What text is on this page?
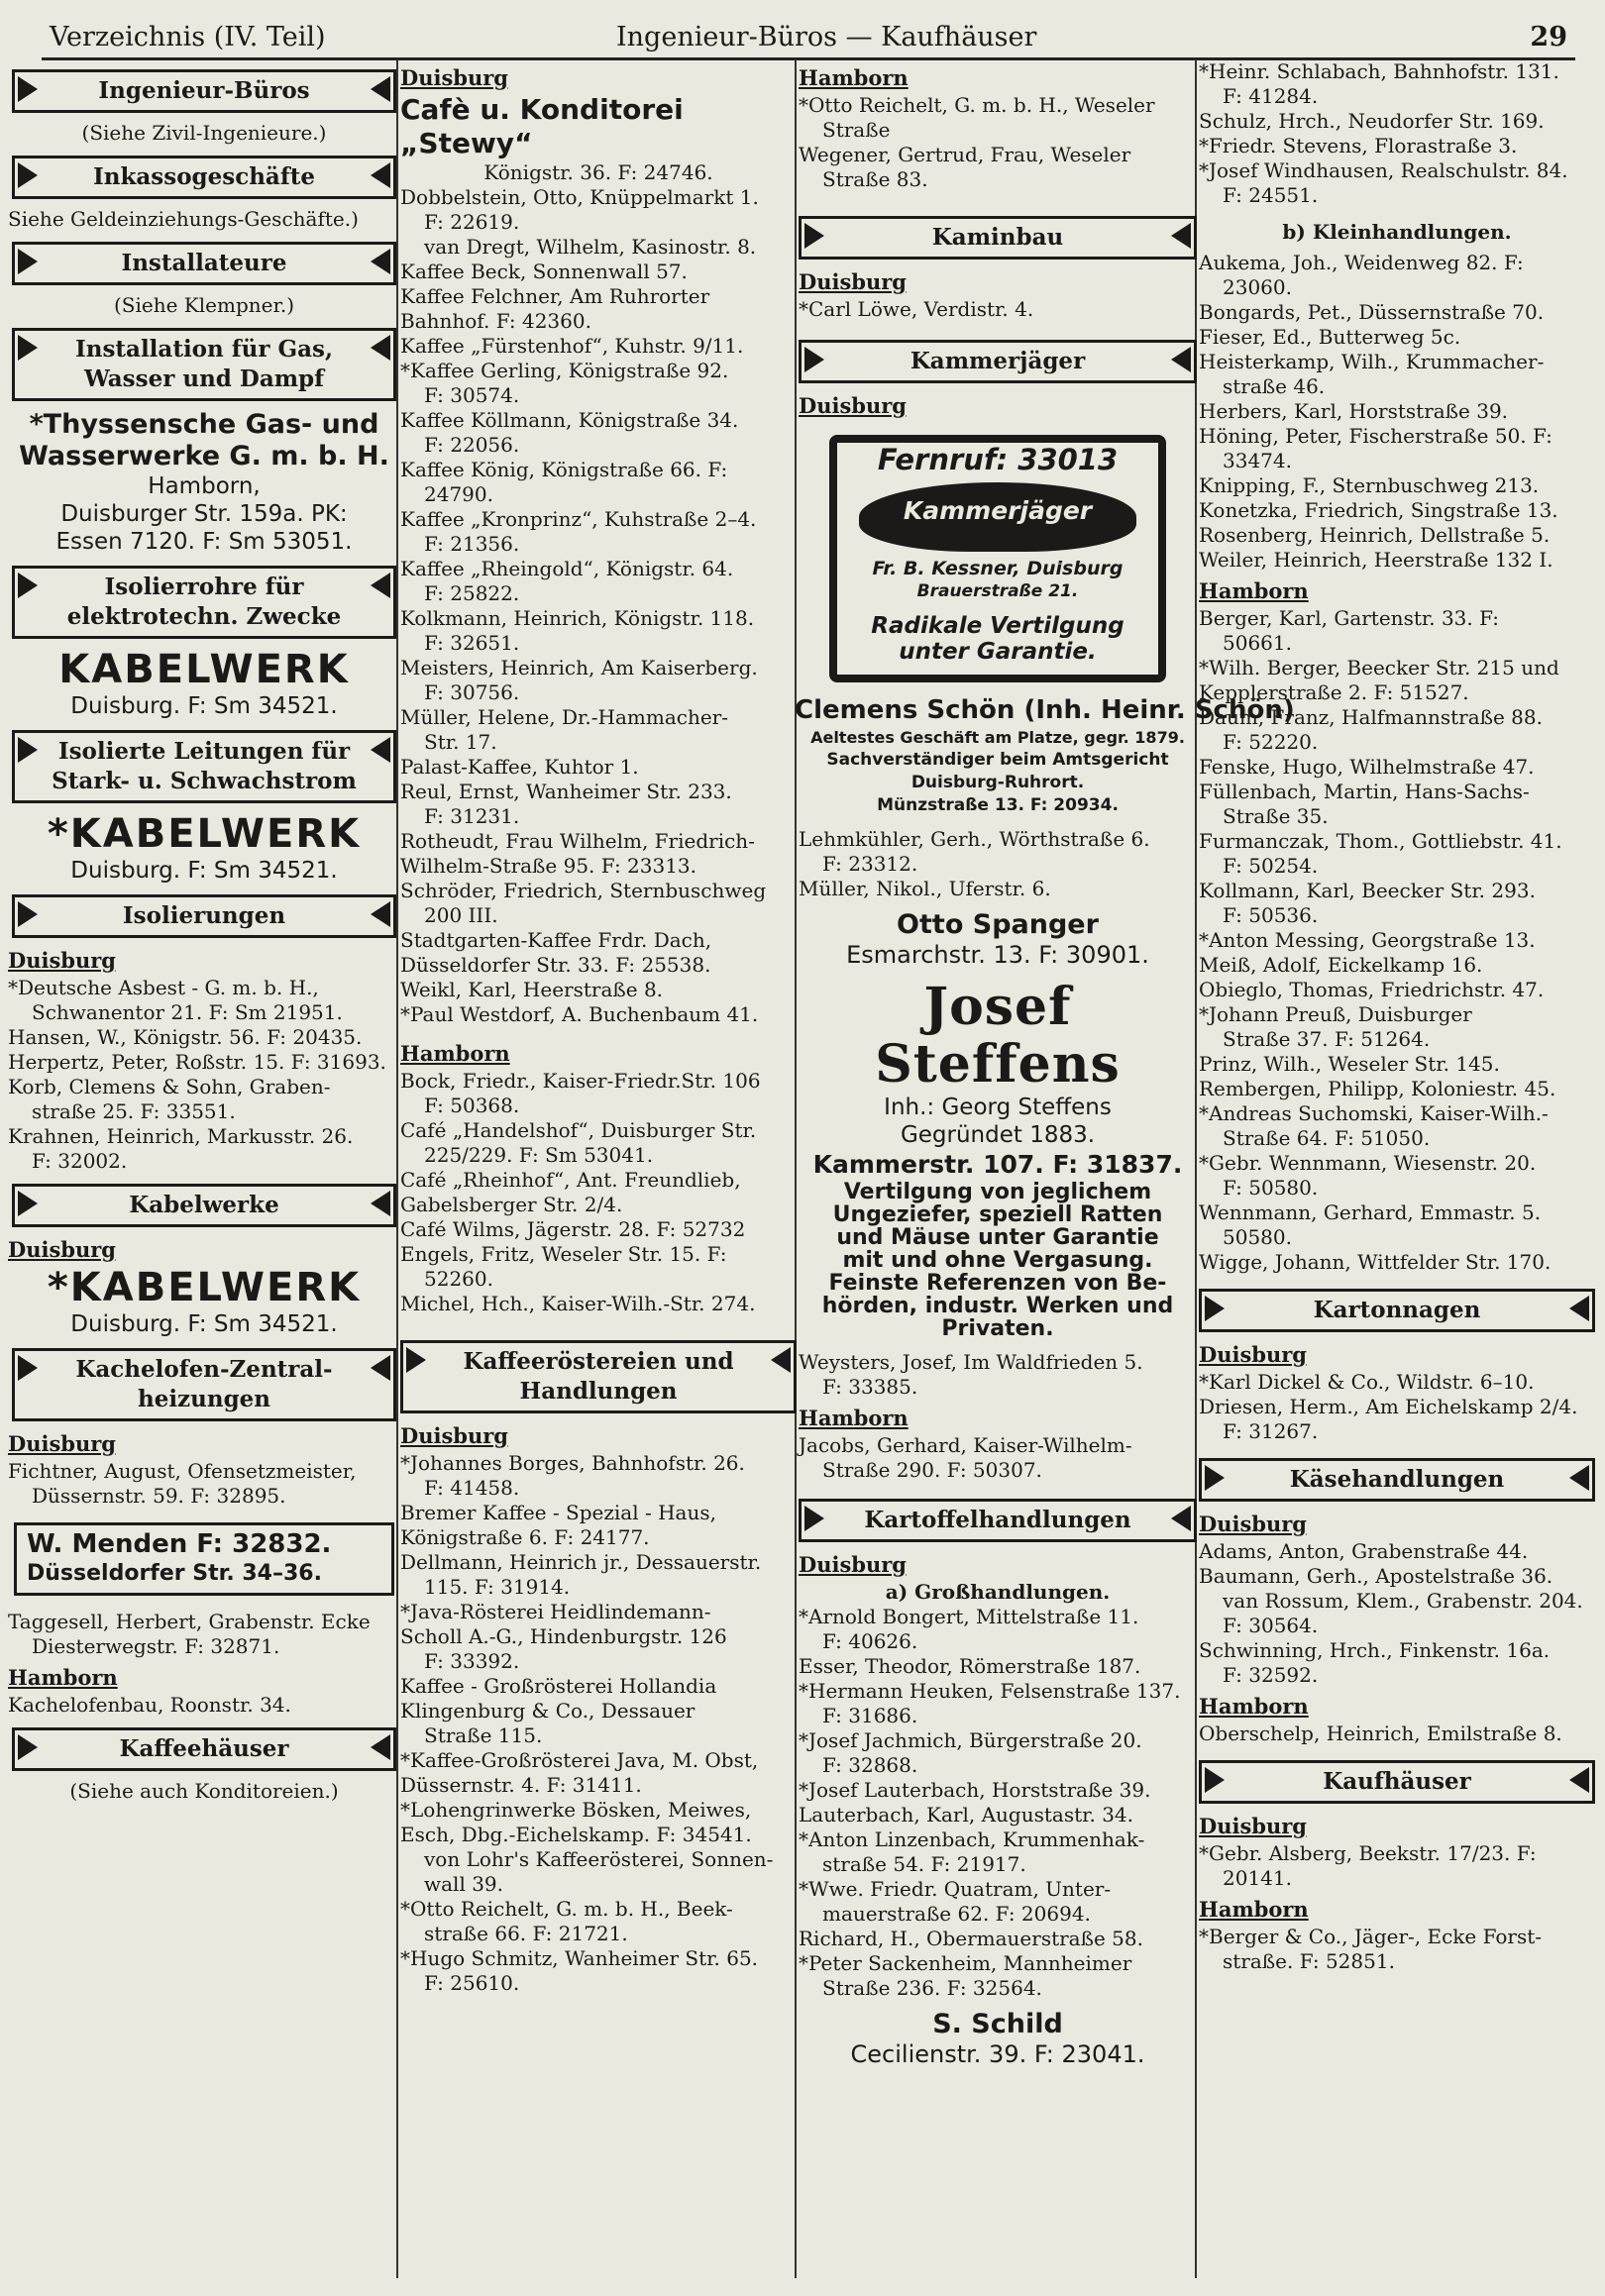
Verzeichnis (IV. Teil)	Ingenieur-Büros — Kaufhäuser	29
Ingenieur-Büros
(Siehe Zivil-Ingenieure.)
Inkassogeschäfte
Siehe Geldeinziehungs-Geschäfte.)
Installateure
(Siehe Klempner.)
Installation für Gas,
Wasser und Dampf
*Thyssensche Gas- und
Wasserwerke G. m. b. H.
Hamborn,
Duisburger Str. 159a. PK:
Essen 7120. F: Sm 53051.
Isolierrohre für
elektrotechn. Zwecke
KABELWERK
Duisburg. F: Sm 34521.
Isolierte Leitungen für
Stark- u. Schwachstrom
*KABELWERK
Duisburg. F: Sm 34521.
Isolierungen
Duisburg
*Deutsche Asbest - G. m. b. H.,
Schwanentor 21. F: Sm 21951.
Hansen, W., Königstr. 56. F: 20435.
Herpertz, Peter, Roßstr. 15. F: 31693.
Korb, Clemens & Sohn, Graben-
straße 25. F: 33551.
Krahnen, Heinrich, Markusstr. 26.
F: 32002.
Kabelwerke
Duisburg
*KABELWERK
Duisburg. F: Sm 34521.
Kachelofen-Zentral-
heizungen
Duisburg
Fichtner, August, Ofensetzmeister,
Düssernstr. 59. F: 32895.
W. Menden F: 32832.
Düsseldorfer Str. 34–36.
Taggesell, Herbert, Grabenstr. Ecke
Diesterwegstr. F: 32871.
Hamborn
Kachelofenbau, Roonstr. 34.
Kaffeehäuser
(Siehe auch Konditoreien.)
Duisburg
Cafè u. Konditorei „Stewy“
Königstr. 36. F: 24746.
Dobbelstein, Otto, Knüppelmarkt 1.
F: 22619.
van Dregt, Wilhelm, Kasinostr. 8.
Kaffee Beck, Sonnenwall 57.
Kaffee Felchner, Am Ruhrorter
Bahnhof. F: 42360.
Kaffee „Fürstenhof“, Kuhstr. 9/11.
*Kaffee Gerling, Königstraße 92.
F: 30574.
Kaffee Köllmann, Königstraße 34.
F: 22056.
Kaffee König, Königstraße 66. F:
24790.
Kaffee „Kronprinz“, Kuhstraße 2–4.
F: 21356.
Kaffee „Rheingold“, Königstr. 64.
F: 25822.
Kolkmann, Heinrich, Königstr. 118.
F: 32651.
Meisters, Heinrich, Am Kaiserberg.
F: 30756.
Müller, Helene, Dr.-Hammacher-
Str. 17.
Palast-Kaffee, Kuhtor 1.
Reul, Ernst, Wanheimer Str. 233.
F: 31231.
Rotheudt, Frau Wilhelm, Friedrich-
Wilhelm-Straße 95. F: 23313.
Schröder, Friedrich, Sternbuschweg
200 III.
Stadtgarten-Kaffee Frdr. Dach,
Düsseldorfer Str. 33. F: 25538.
Weikl, Karl, Heerstraße 8.
*Paul Westdorf, A. Buchenbaum 41.
Hamborn
Bock, Friedr., Kaiser-Friedr.Str. 106
F: 50368.
Café „Handelshof“, Duisburger Str.
225/229. F: Sm 53041.
Café „Rheinhof“, Ant. Freundlieb,
Gabelsberger Str. 2/4.
Café Wilms, Jägerstr. 28. F: 52732
Engels, Fritz, Weseler Str. 15. F:
52260.
Michel, Hch., Kaiser-Wilh.-Str. 274.
Kaffeeröstereien und
Handlungen
Duisburg
*Johannes Borges, Bahnhofstr. 26.
F: 41458.
Bremer Kaffee - Spezial - Haus,
Königstraße 6. F: 24177.
Dellmann, Heinrich jr., Dessauerstr.
115. F: 31914.
*Java-Rösterei Heidlindemann-
Scholl A.-G., Hindenburgstr. 126
F: 33392.
Kaffee - Großrösterei Hollandia
Klingenburg & Co., Dessauer
Straße 115.
*Kaffee-Großrösterei Java, M. Obst,
Düssernstr. 4. F: 31411.
*Lohengrinwerke Bösken, Meiwes,
Esch, Dbg.-Eichelskamp. F: 34541.
von Lohr's Kaffeerösterei, Sonnen-
wall 39.
*Otto Reichelt, G. m. b. H., Beek-
straße 66. F: 21721.
*Hugo Schmitz, Wanheimer Str. 65.
F: 25610.
Hamborn
*Otto Reichelt, G. m. b. H., Weseler
Straße
Wegener, Gertrud, Frau, Weseler
Straße 83.
Kaminbau
Duisburg
*Carl Löwe, Verdistr. 4.
Kammerjäger
Duisburg
Fernruf: 33013
Kammerjäger
Fr. B. Kessner, Duisburg
Brauerstraße 21.
Radikale Vertilgung
unter Garantie.
Clemens Schön (Inh. Heinr. Schön)
Aeltestes Geschäft am Platze, gegr. 1879.
Sachverständiger beim Amtsgericht
Duisburg-Ruhrort.
Münzstraße 13. F: 20934.
Lehmkühler, Gerh., Wörthstraße 6.
F: 23312.
Müller, Nikol., Uferstr. 6.
Otto Spanger
Esmarchstr. 13. F: 30901.
Josef Steffens
Inh.: Georg Steffens
Gegründet 1883.
Kammerstr. 107. F: 31837.
Vertilgung von jeglichem
Ungeziefer, speziell Ratten
und Mäuse unter Garantie
mit und ohne Vergasung.
Feinste Referenzen von Be-
hörden, industr. Werken und
Privaten.
Weysters, Josef, Im Waldfrieden 5.
F: 33385.
Hamborn
Jacobs, Gerhard, Kaiser-Wilhelm-
Straße 290. F: 50307.
Kartoffelhandlungen
Duisburg
a) Großhandlungen.
*Arnold Bongert, Mittelstraße 11.
F: 40626.
Esser, Theodor, Römerstraße 187.
*Hermann Heuken, Felsenstraße 137.
F: 31686.
*Josef Jachmich, Bürgerstraße 20.
F: 32868.
*Josef Lauterbach, Horststraße 39.
Lauterbach, Karl, Augustastr. 34.
*Anton Linzenbach, Krummenhak-
straße 54. F: 21917.
*Wwe. Friedr. Quatram, Unter-
mauerstraße 62. F: 20694.
Richard, H., Obermauerstraße 58.
*Peter Sackenheim, Mannheimer
Straße 236. F: 32564.
S. Schild
Cecilienstr. 39. F: 23041.
*Heinr. Schlabach, Bahnhofstr. 131.
F: 41284.
Schulz, Hrch., Neudorfer Str. 169.
*Friedr. Stevens, Florastraße 3.
*Josef Windhausen, Realschulstr. 84.
F: 24551.
b) Kleinhandlungen.
Aukema, Joh., Weidenweg 82. F:
23060.
Bongards, Pet., Düssernstraße 70.
Fieser, Ed., Butterweg 5c.
Heisterkamp, Wilh., Krummacher-
straße 46.
Herbers, Karl, Horststraße 39.
Höning, Peter, Fischerstraße 50. F:
33474.
Knipping, F., Sternbuschweg 213.
Konetzka, Friedrich, Singstraße 13.
Rosenberg, Heinrich, Dellstraße 5.
Weiler, Heinrich, Heerstraße 132 I.
Hamborn
Berger, Karl, Gartenstr. 33. F:
50661.
*Wilh. Berger, Beecker Str. 215 und
Kepplerstraße 2. F: 51527.
Daum, Franz, Halfmannstraße 88.
F: 52220.
Fenske, Hugo, Wilhelmstraße 47.
Füllenbach, Martin, Hans-Sachs-
Straße 35.
Furmanczak, Thom., Gottliebstr. 41.
F: 50254.
Kollmann, Karl, Beecker Str. 293.
F: 50536.
*Anton Messing, Georgstraße 13.
Meiß, Adolf, Eickelkamp 16.
Obieglo, Thomas, Friedrichstr. 47.
*Johann Preuß, Duisburger
Straße 37. F: 51264.
Prinz, Wilh., Weseler Str. 145.
Rembergen, Philipp, Koloniestr. 45.
*Andreas Suchomski, Kaiser-Wilh.-
Straße 64. F: 51050.
*Gebr. Wennmann, Wiesenstr. 20.
F: 50580.
Wennmann, Gerhard, Emmastr. 5.
50580.
Wigge, Johann, Wittfelder Str. 170.
Kartonnagen
Duisburg
*Karl Dickel & Co., Wildstr. 6–10.
Driesen, Herm., Am Eichelskamp 2/4.
F: 31267.
Käsehandlungen
Duisburg
Adams, Anton, Grabenstraße 44.
Baumann, Gerh., Apostelstraße 36.
van Rossum, Klem., Grabenstr. 204.
F: 30564.
Schwinning, Hrch., Finkenstr. 16a.
F: 32592.
Hamborn
Oberschelp, Heinrich, Emilstraße 8.
Kaufhäuser
Duisburg
*Gebr. Alsberg, Beekstr. 17/23. F:
20141.
Hamborn
*Berger & Co., Jäger-, Ecke Forst-
straße. F: 52851.
